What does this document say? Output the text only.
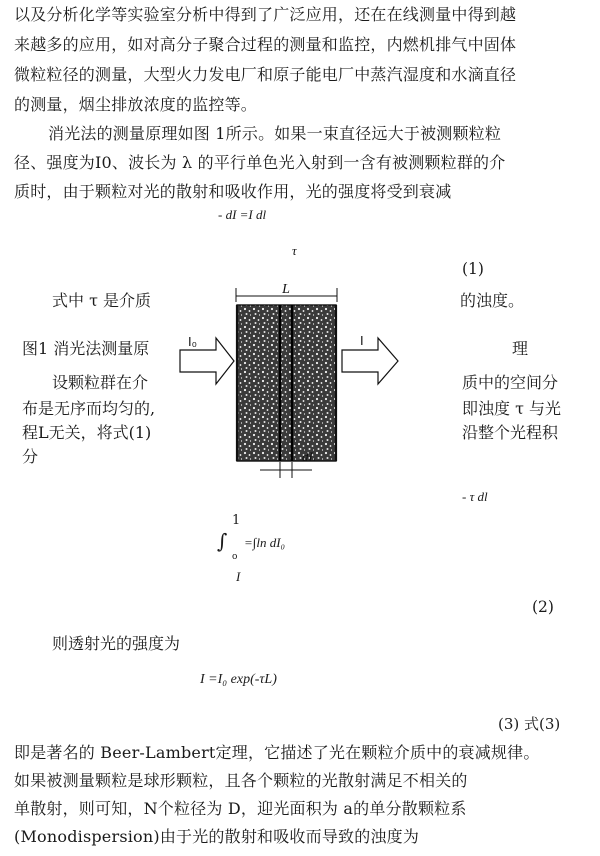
以及分析化学等实验室分析中得到了广泛应用，还在在线测量中得到越
来越多的应用，如对高分子聚合过程的测量和监控，内燃机排气中固体
微粒粒径的测量，大型火力发电厂和原子能电厂中蒸汽湿度和水滴直径
的测量，烟尘排放浓度的监控等。
消光法的测量原理如图 1所示。如果一束直径远大于被测颗粒粒
径、强度为I0、波长为 λ 的平行单色光入射到一含有被测颗粒群的介
质时，由于颗粒对光的散射和吸收作用，光的强度将受到衰减
- dI =I dl
τ
(1)
式中 τ 是介质	的浊度。
图1 消光法测量原	理
设颗粒群在介
布是无序而均匀的,
程L无关，将式(1)
分
质中的空间分
即浊度 τ 与光
沿整个光程积
L
dL
I₀	I
- τ dl
1
∫
o
=∫ln dI₀
I
(2)
则透射光的强度为
I =I₀ exp(-τL)
(3) 式(3)
即是著名的 Beer-Lambert定理，它描述了光在颗粒介质中的衰减规律。
如果被测量颗粒是球形颗粒，且各个颗粒的光散射满足不相关的
单散射，则可知，N个粒径为 D，迎光面积为 a的单分散颗粒系
(Monodispersion)由于光的散射和吸收而导致的浊度为
